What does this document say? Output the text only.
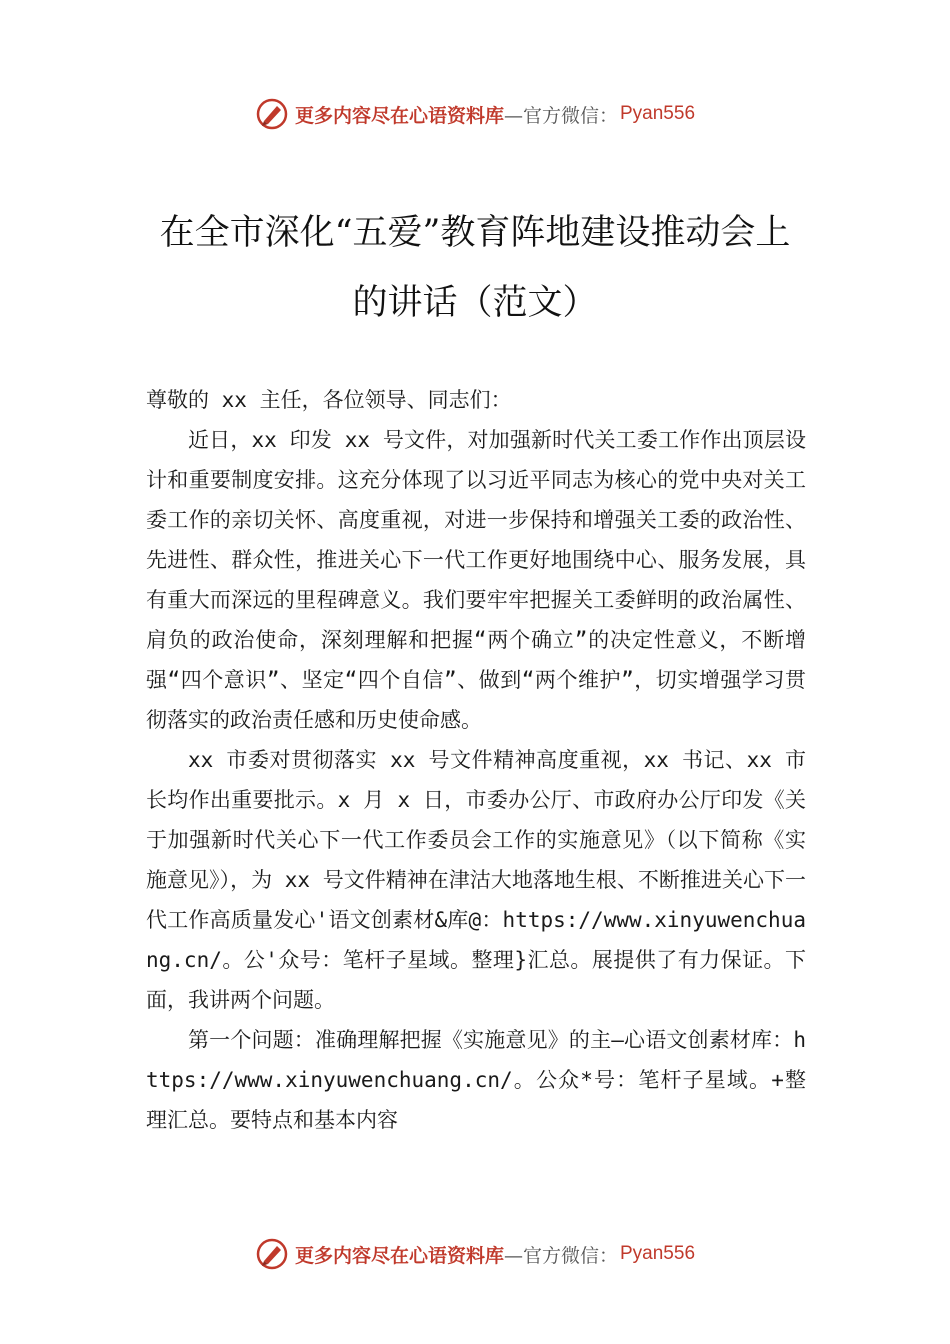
更多内容尽在心语资料库 —官方微信： Pyan556
在全市深化“五爱”教育阵地建设推动会上
的讲话（范文）

尊敬的 xx 主任，各位领导、同志们：

近日，xx 印发 xx 号文件，对加强新时代关工委工作作出顶层设计和重要制度安排。这充分体现了以习近平同志为核心的党中央对关工委工作的亲切关怀、高度重视，对进一步保持和增强关工委的政治性、先进性、群众性，推进关心下一代工作更好地围绕中心、服务发展，具有重大而深远的里程碑意义。我们要牢牢把握关工委鲜明的政治属性、肩负的政治使命，深刻理解和把握“两个确立”的决定性意义，不断增强“四个意识”、坚定“四个自信”、做到“两个维护”，切实增强学习贯彻落实的政治责任感和历史使命感。

xx 市委对贯彻落实 xx 号文件精神高度重视，xx 书记、xx 市长均作出重要批示。x 月 x 日，市委办公厅、市政府办公厅印发《关于加强新时代关心下一代工作委员会工作的实施意见》（以下简称《实施意见》），为 xx 号文件精神在津沽大地落地生根、不断推进关心下一代工作高质量发心'语文创素材&库@：https://www.xinyuwenchuang.cn/。公'众号：笔杆子星域。整理}汇总。展提供了有力保证。下面，我讲两个问题。

第一个问题：准确理解把握《实施意见》的主—心语文创素材库：https://www.xinyuwenchuang.cn/。公众*号：笔杆子星域。+整理汇总。要特点和基本内容

更多内容尽在心语资料库 —官方微信： Pyan556
